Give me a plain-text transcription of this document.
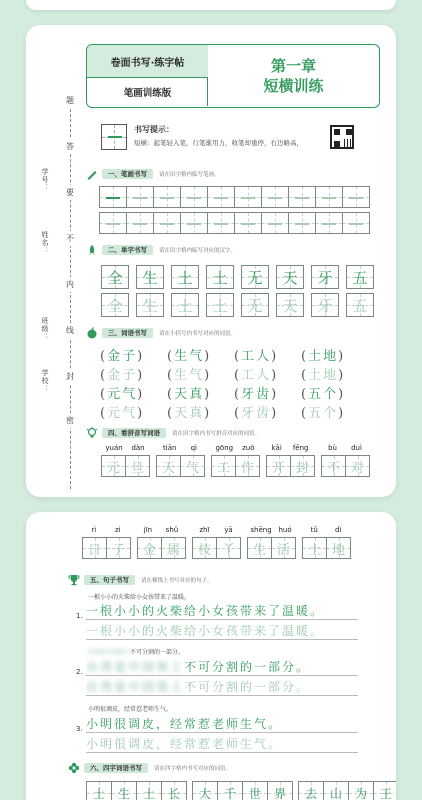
学校：
班级：
姓名：
学号：
密
封
线
内
不
要
答
题
卷面书写·练字帖
笔画训练版
第一章
短横训练
书写提示：
短横：起笔轻入笔，行笔渐用力，收笔却重停，右边略高，
一、笔画书写	请在田字格内临写笔画。
二、单字书写	请在田字格内临写对应的汉字。
全 生 土 土 无 天 牙 五
全 生 土 土 无 天 牙 五
三、词语书写	请在小括号内书写对应的词语。
(金子)	(生气)	(工人)	(土地)
(金子)	(生气)	(工人)	(土地)
(元气)	(天真)	(牙齿)	(五个)
(元气)	(天真)	(牙齿)	(五个)
四、看拼音写词语	请在田字格内书写拼音对应的词语。
yuán dàn
元 旦
tiān qì
天 气
gōng zuò
工 作
kāi fēng
开 封
bù duì
不 对
rì	zi
日 子
jīn shǔ
金 属
zhī yā
枝 丫
shēng huó
生 活
tǔ dì
土 地
五、句子书写	请在横线上书写对应的句子。
一根小小的火柴给小女孩带来了温暖。
1. 一根小小的火柴给小女孩带来了温暖。
一根小小的火柴给小女孩带来了温暖。
台湾是中国领土不可分割的一部分。
2. 台湾是中国领土不可分割的一部分。
台湾是中国领土不可分割的一部分。
小明很调皮，经常惹老师生气。
3. 小明很调皮，经常惹老师生气。
小明很调皮，经常惹老师生气。
六、四字词语书写	请在四字格内书写对应的词语。
土 生 土 长 大 千 世 界 去 山 为 王
